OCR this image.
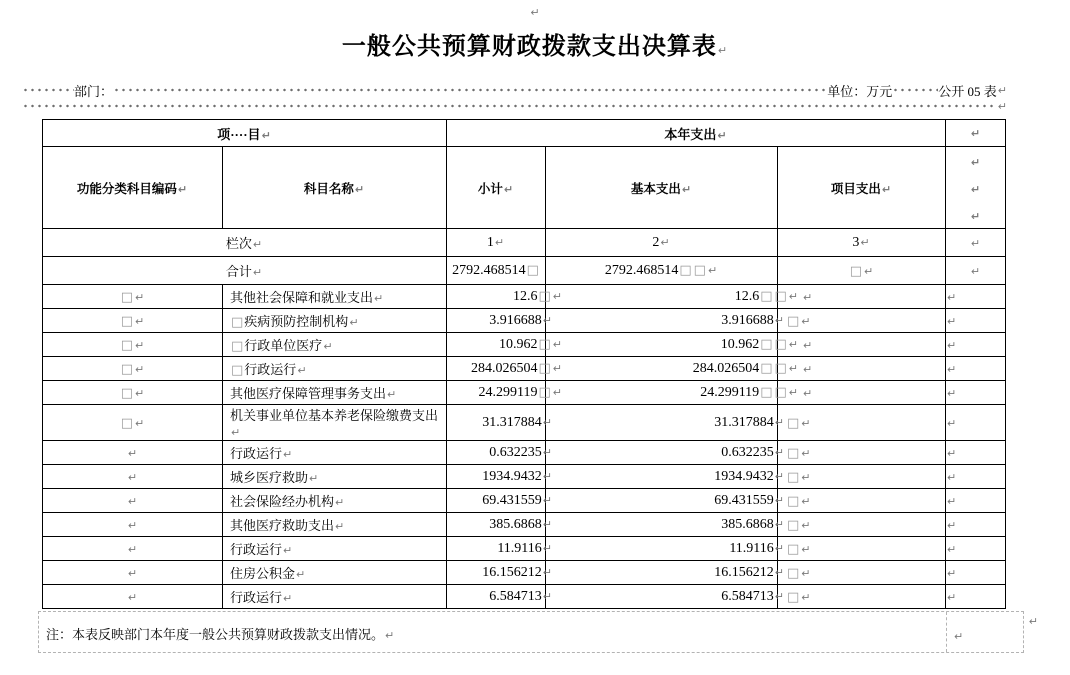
↵
一般公共预算财政拨款支出决算表↵
部门：	单位：万元	公开 05 表 ↵
↵
项····目↵		本年支出↵			↵
功能分类科目编码↵	科目名称↵	小计↵	基本支出↵	项目支出↵	↵
↵
↵

栏次↵		1↵	2↵	3↵	↵
合计↵		2792.468514□	2792.468514□ □ ↵	□ ↵	↵
□ ↵	其他社会保障和就业支出↵	12.6□ ↵	12.6□ □ ↵	↵	↵
□ ↵	□疾病预防控制机构↵	3.916688↵	3.916688↵	□ ↵	↵
□ ↵	□行政单位医疗↵	10.962□ ↵	10.962□ □ ↵	↵	↵
□ ↵	□行政运行↵	284.026504□ ↵	284.026504□ □ ↵	↵	↵
□ ↵	其他医疗保障管理事务支出↵	24.299119□ ↵	24.299119□ □ ↵	↵	↵
□ ↵	机关事业单位基本养老保险缴费支出↵	31.317884↵	31.317884↵	□ ↵	↵
↵	行政运行↵	0.632235↵	0.632235↵	□ ↵	↵
↵	城乡医疗救助↵	1934.9432↵	1934.9432↵	□ ↵	↵
↵	社会保险经办机构↵	69.431559↵	69.431559↵	□ ↵	↵
↵	其他医疗救助支出↵	385.6868↵	385.6868↵	□ ↵	↵
↵	行政运行↵	11.9116↵	11.9116↵	□ ↵	↵
↵	住房公积金↵	16.156212↵	16.156212↵	□ ↵	↵
↵	行政运行↵	6.584713↵	6.584713↵	□ ↵	↵
注：本表反映部门本年度一般公共预算财政拨款支出情况。↵	↵
↵
